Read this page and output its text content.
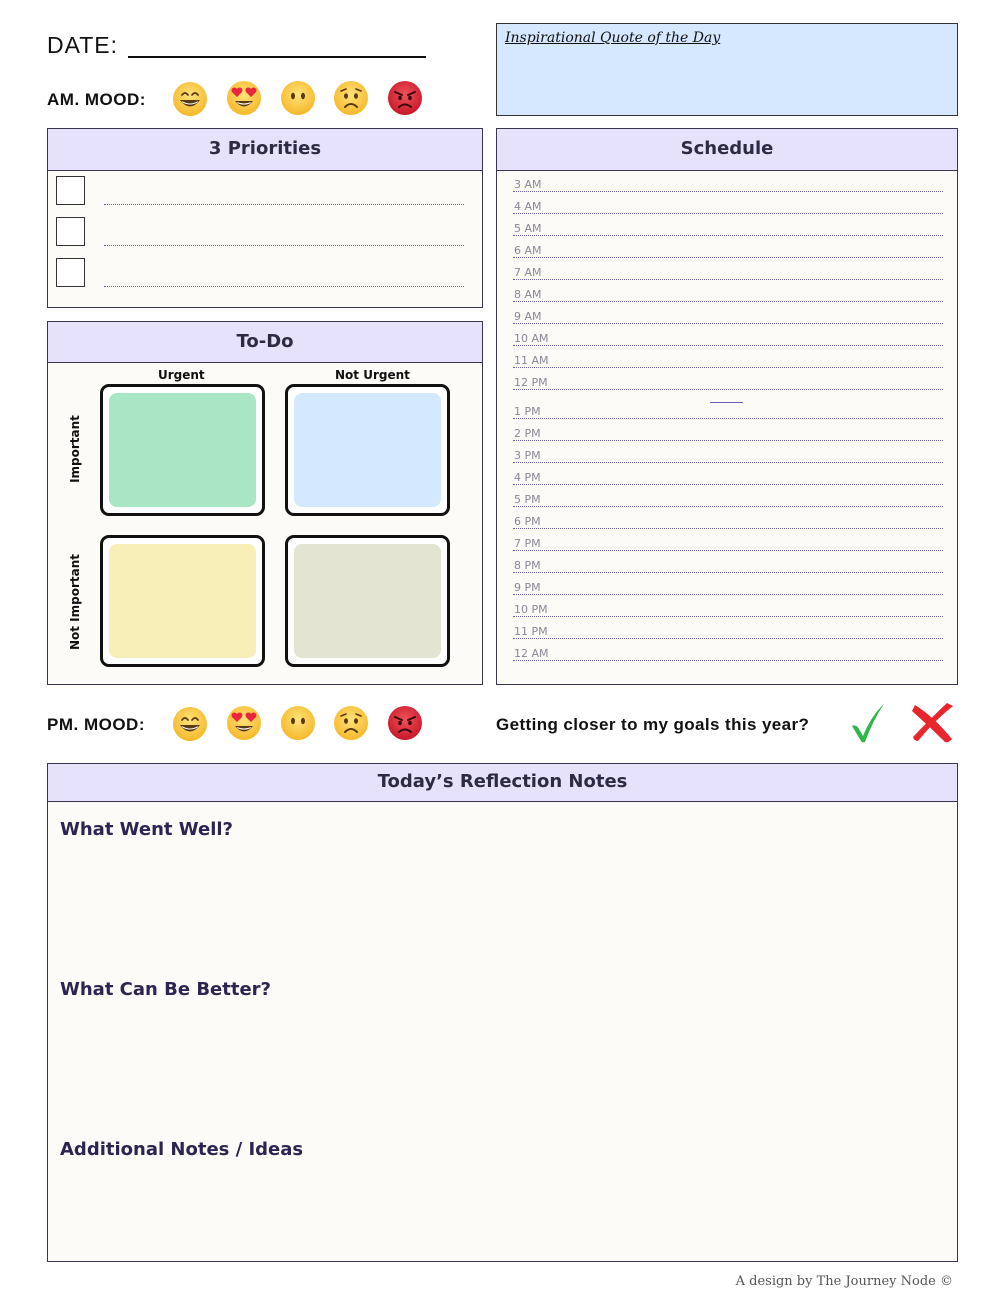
DATE:
AM. MOOD:
Inspirational Quote of the Day
3 Priorities
To-Do
Urgent	Not Urgent
Important
Not Important
Schedule
3 AM
4 AM
5 AM
6 AM
7 AM
8 AM
9 AM
10 AM
11 AM
12 PM
1 PM
2 PM
3 PM
4 PM
5 PM
6 PM
7 PM
8 PM
9 PM
10 PM
11 PM
12 AM
PM. MOOD:	Getting closer to my goals this year?
Today’s Reflection Notes
What Went Well?
What Can Be Better?
Additional Notes / Ideas
A design by The Journey Node ©
